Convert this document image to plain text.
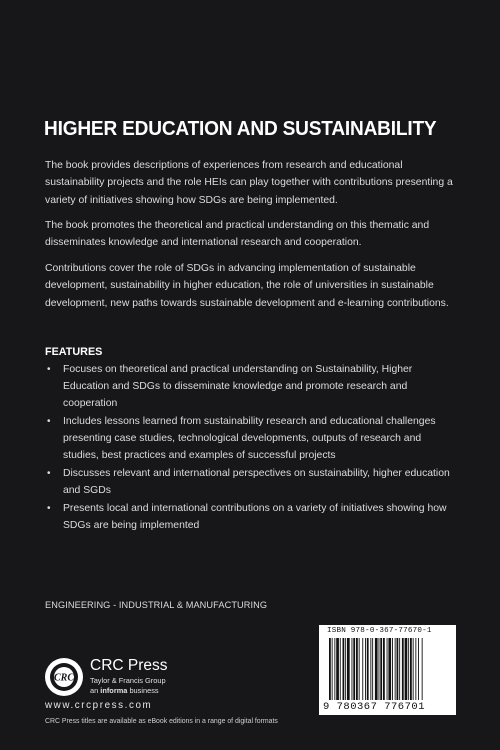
HIGHER EDUCATION AND SUSTAINABILITY
The book provides descriptions of experiences from research and educational sustainability projects and the role HEIs can play together with contributions presenting a variety of initiatives showing how SDGs are being implemented.
The book promotes the theoretical and practical understanding on this thematic and disseminates knowledge and international research and cooperation.
Contributions cover the role of SDGs in advancing implementation of sustainable development, sustainability in higher education, the role of universities in sustainable development, new paths towards sustainable development and e-learning contributions.
FEATURES
• Focuses on theoretical and practical understanding on Sustainability, Higher Education and SDGs to disseminate knowledge and promote research and cooperation
• Includes lessons learned from sustainability research and educational challenges presenting case studies, technological developments, outputs of research and studies, best practices and examples of successful projects
• Discusses relevant and international perspectives on sustainability, higher education and SGDs
• Presents local and international contributions on a variety of initiatives showing how SDGs are being implemented
ENGINEERING - INDUSTRIAL & MANUFACTURING
CRC
CRC Press
Taylor & Francis Group
an informa business
www.crcpress.com
CRC Press titles are available as eBook editions in a range of digital formats
ISBN 978-0-367-77670-1
9 780367 776701
